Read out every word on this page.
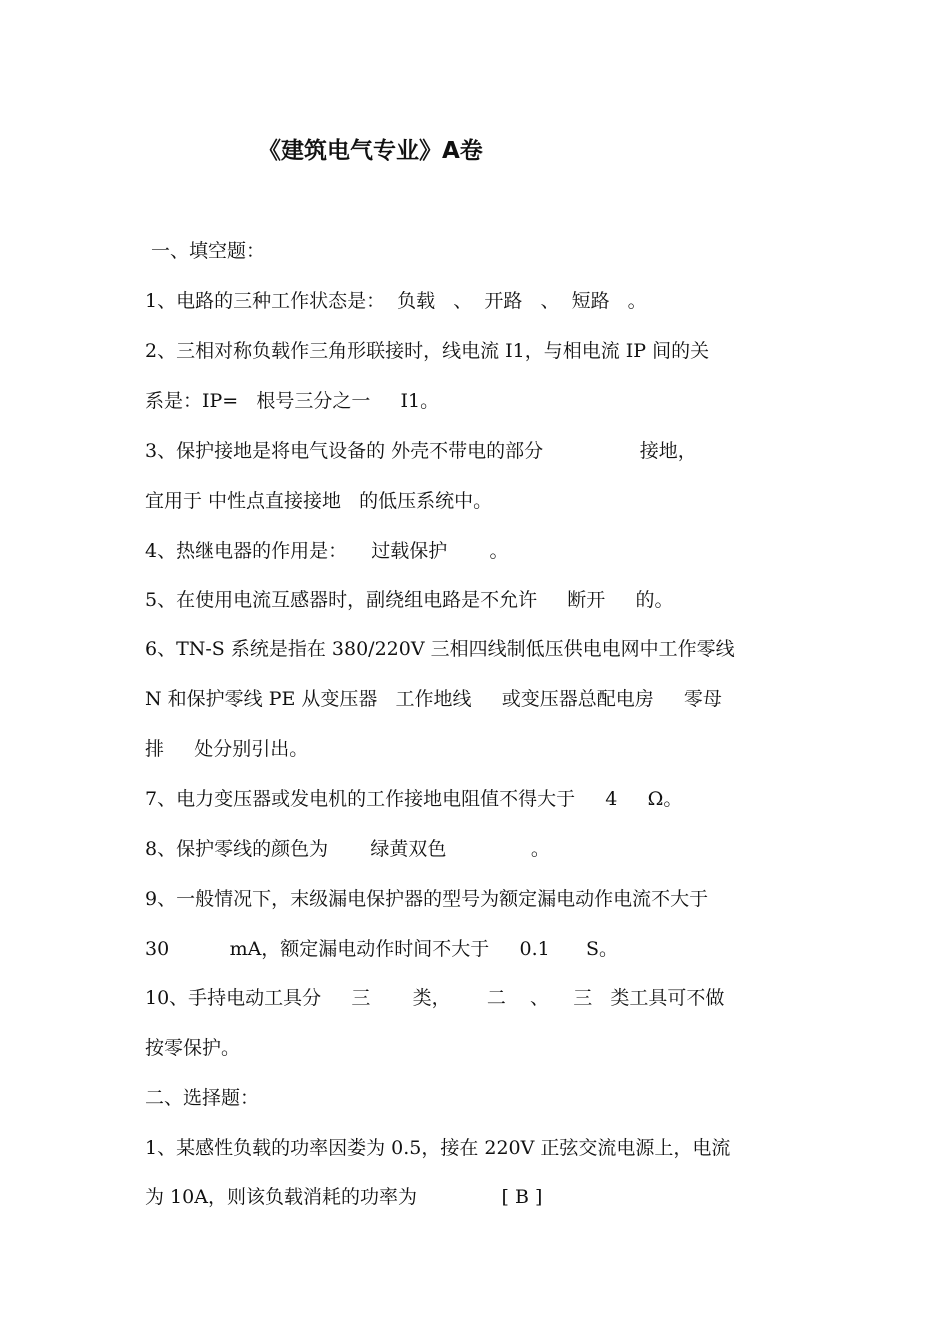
《建筑电气专业》A卷
一、填空题：
1、电路的三种工作状态是：  负载   、  开路   、  短路   。
2、三相对称负载作三角形联接时，线电流 I1，与相电流 IP 间的关
系是：IP=   根号三分之一     I1。
3、保护接地是将电气设备的 外壳不带电的部分                接地，
宜用于 中性点直接接地   的低压系统中。
4、热继电器的作用是：    过载保护       。
5、在使用电流互感器时，副绕组电路是不允许     断开     的。
6、TN-S 系统是指在 380/220V 三相四线制低压供电电网中工作零线
N 和保护零线 PE 从变压器   工作地线     或变压器总配电房     零母
排     处分别引出。
7、电力变压器或发电机的工作接地电阻值不得大于     4     Ω。
8、保护零线的颜色为       绿黄双色              。
9、一般情况下，末级漏电保护器的型号为额定漏电动作电流不大于
30          mA，额定漏电动作时间不大于     0.1      S。
10、手持电动工具分     三       类，      二    、    三   类工具可不做
按零保护。
二、选择题：
1、某感性负载的功率因娄为 0.5，接在 220V 正弦交流电源上，电流
为 10A，则该负载消耗的功率为              [ B ]
